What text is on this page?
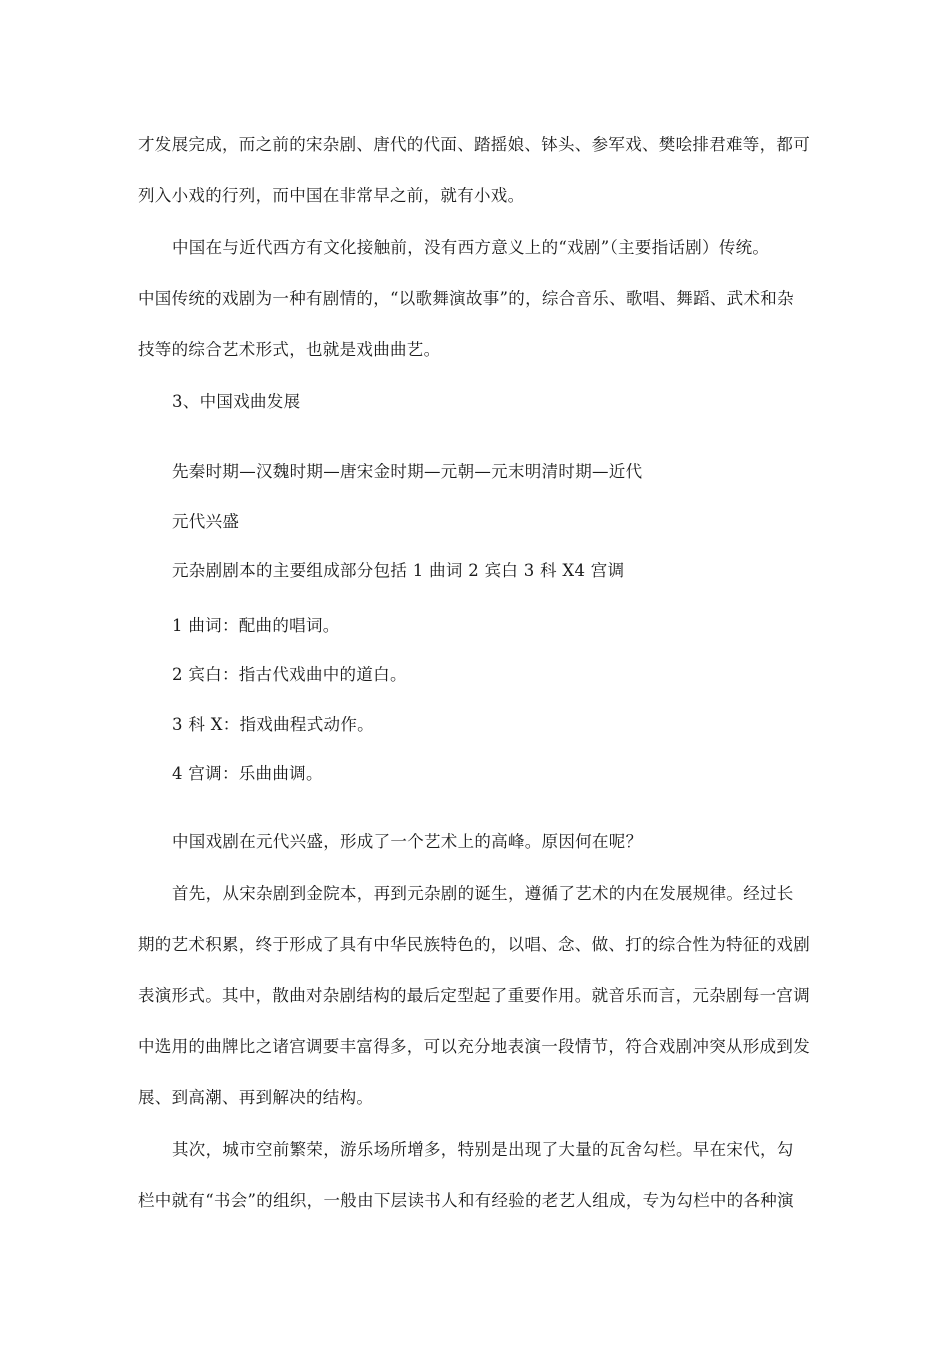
才发展完成，而之前的宋杂剧、唐代的代面、踏摇娘、钵头、参军戏、樊哙排君难等，都可
列入小戏的行列，而中国在非常早之前，就有小戏。
中国在与近代西方有文化接触前，没有西方意义上的“戏剧”（主要指话剧）传统。
中国传统的戏剧为一种有剧情的，“以歌舞演故事”的，综合音乐、歌唱、舞蹈、武术和杂
技等的综合艺术形式，也就是戏曲曲艺。
3、中国戏曲发展
先秦时期—汉魏时期—唐宋金时期—元朝—元末明清时期—近代
元代兴盛
元杂剧剧本的主要组成部分包括 1 曲词 2 宾白 3 科 X4 宫调
1 曲词：配曲的唱词。
2 宾白：指古代戏曲中的道白。
3 科 X：指戏曲程式动作。
4 宫调：乐曲曲调。
中国戏剧在元代兴盛，形成了一个艺术上的高峰。原因何在呢？
首先，从宋杂剧到金院本，再到元杂剧的诞生，遵循了艺术的内在发展规律。经过长
期的艺术积累，终于形成了具有中华民族特色的，以唱、念、做、打的综合性为特征的戏剧
表演形式。其中，散曲对杂剧结构的最后定型起了重要作用。就音乐而言，元杂剧每一宫调
中选用的曲牌比之诸宫调要丰富得多，可以充分地表演一段情节，符合戏剧冲突从形成到发
展、到高潮、再到解决的结构。
其次，城市空前繁荣，游乐场所增多，特别是出现了大量的瓦舍勾栏。早在宋代，勾
栏中就有“书会”的组织，一般由下层读书人和有经验的老艺人组成，专为勾栏中的各种演
